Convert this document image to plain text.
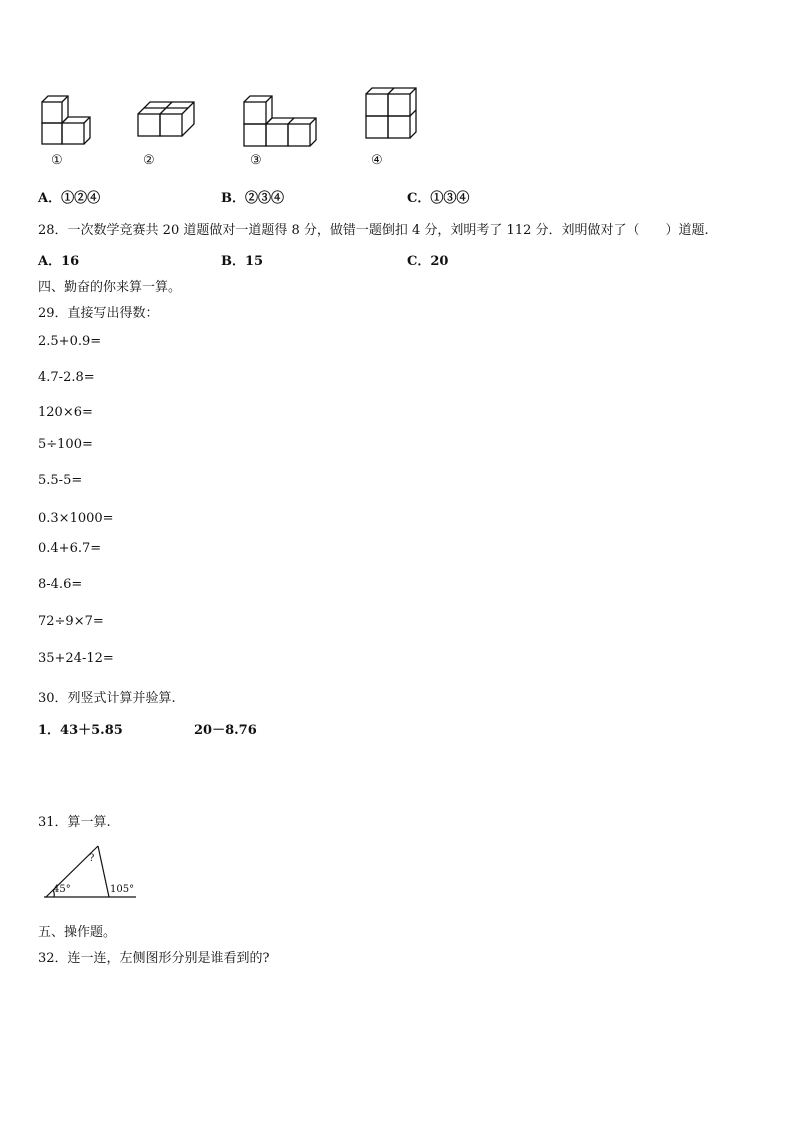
①	②	③	④
A．①②④	B．②③④	C．①③④
28．一次数学竞赛共 20 道题做对一道题得 8 分，做错一题倒扣 4 分，刘明考了 112 分．刘明做对了（　　）道题.
A．16	B．15	C．20
四、勤奋的你来算一算。
29．直接写出得数：
2.5+0.9=
4.7-2.8=
120×6=
5÷100=
5.5-5=
0.3×1000=
0.4+6.7=
8-4.6=
72÷9×7=
35+24-12=
30．列竖式计算并验算.
1．43＋5.85	20－8.76
31．算一算.
?
45°	105°
五、操作题。
32．连一连，左侧图形分别是谁看到的?
